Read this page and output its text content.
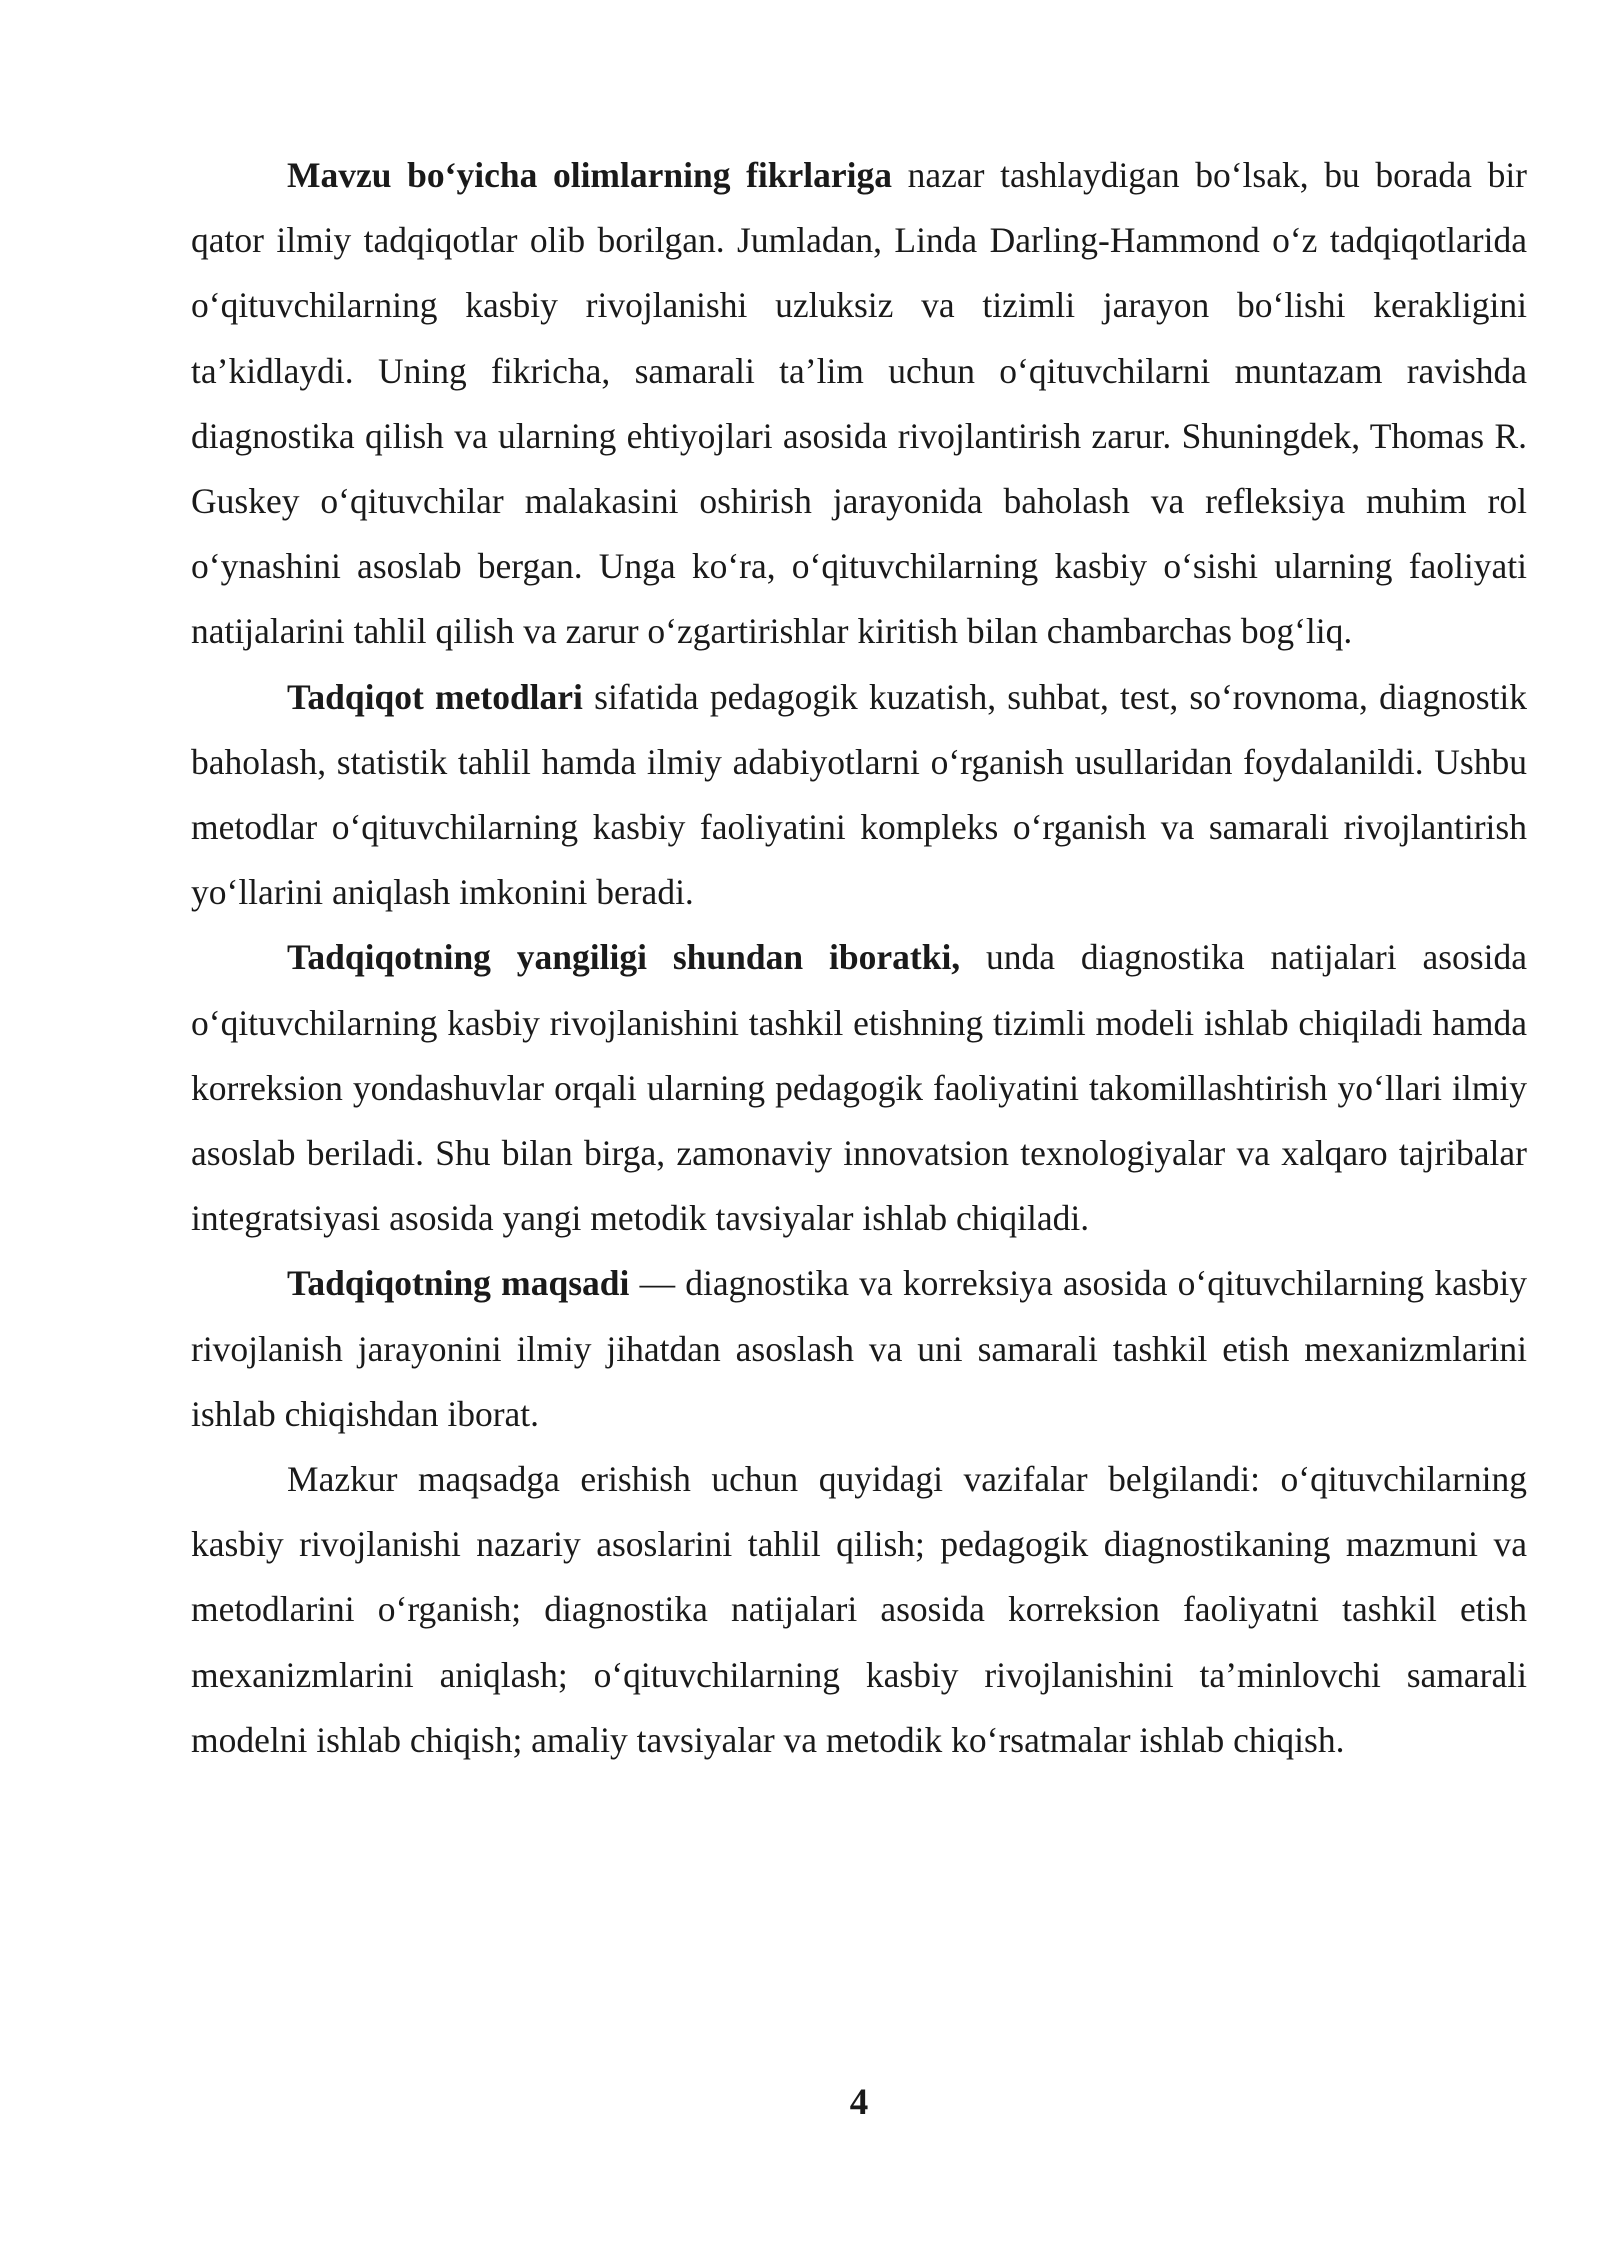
Mavzu bo‘yicha olimlarning fikrlariga nazar tashlaydigan bo‘lsak, bu borada bir qator ilmiy tadqiqotlar olib borilgan. Jumladan, Linda Darling-Hammond o‘z tadqiqotlarida o‘qituvchilarning kasbiy rivojlanishi uzluksiz va tizimli jarayon bo‘lishi kerakligini ta’kidlaydi. Uning fikricha, samarali ta’lim uchun o‘qituvchilarni muntazam ravishda diagnostika qilish va ularning ehtiyojlari asosida rivojlantirish zarur. Shuningdek, Thomas R. Guskey o‘qituvchilar malakasini oshirish jarayonida baholash va refleksiya muhim rol o‘ynashini asoslab bergan. Unga ko‘ra, o‘qituvchilarning kasbiy o‘sishi ularning faoliyati natijalarini tahlil qilish va zarur o‘zgartirishlar kiritish bilan chambarchas bog‘liq.

Tadqiqot metodlari sifatida pedagogik kuzatish, suhbat, test, so‘rovnoma, diagnostik baholash, statistik tahlil hamda ilmiy adabiyotlarni o‘rganish usullaridan foydalanildi. Ushbu metodlar o‘qituvchilarning kasbiy faoliyatini kompleks o‘rganish va samarali rivojlantirish yo‘llarini aniqlash imkonini beradi.

Tadqiqotning yangiligi shundan iboratki, unda diagnostika natijalari asosida o‘qituvchilarning kasbiy rivojlanishini tashkil etishning tizimli modeli ishlab chiqiladi hamda korreksion yondashuvlar orqali ularning pedagogik faoliyatini takomillashtirish yo‘llari ilmiy asoslab beriladi. Shu bilan birga, zamonaviy innovatsion texnologiyalar va xalqaro tajribalar integratsiyasi asosida yangi metodik tavsiyalar ishlab chiqiladi.

Tadqiqotning maqsadi — diagnostika va korreksiya asosida o‘qituvchilarning kasbiy rivojlanish jarayonini ilmiy jihatdan asoslash va uni samarali tashkil etish mexanizmlarini ishlab chiqishdan iborat.

Mazkur maqsadga erishish uchun quyidagi vazifalar belgilandi: o‘qituvchilarning kasbiy rivojlanishi nazariy asoslarini tahlil qilish; pedagogik diagnostikaning mazmuni va metodlarini o‘rganish; diagnostika natijalari asosida korreksion faoliyatni tashkil etish mexanizmlarini aniqlash; o‘qituvchilarning kasbiy rivojlanishini ta’minlovchi samarali modelni ishlab chiqish; amaliy tavsiyalar va metodik ko‘rsatmalar ishlab chiqish.

4
